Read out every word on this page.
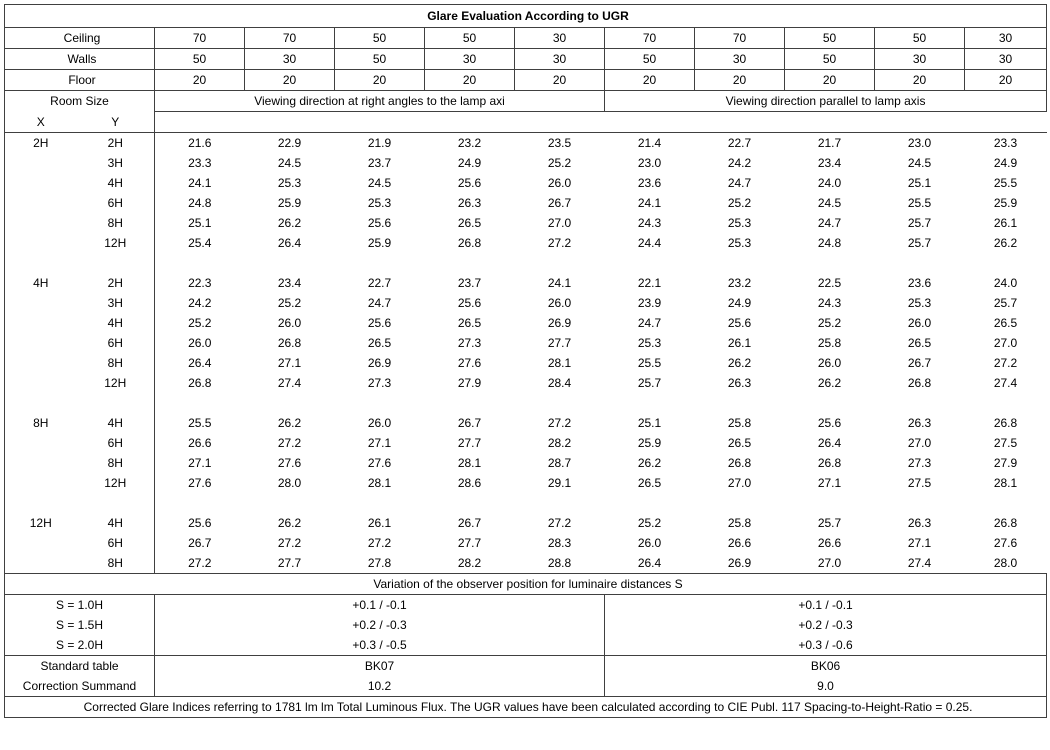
Glare Evaluation According to UGR											
Ceiling		70	70	50	50	30	70	70	50	50	30
Walls		50	30	50	30	30	50	30	50	30	30
Floor		20	20	20	20	20	20	20	20	20	20
Room Size		Viewing direction at right angles to the lamp axi					Viewing direction parallel to lamp axis				
X	Y										
2H	2H	21.6	22.9	21.9	23.2	23.5	21.4	22.7	21.7	23.0	23.3
	3H	23.3	24.5	23.7	24.9	25.2	23.0	24.2	23.4	24.5	24.9
	4H	24.1	25.3	24.5	25.6	26.0	23.6	24.7	24.0	25.1	25.5
	6H	24.8	25.9	25.3	26.3	26.7	24.1	25.2	24.5	25.5	25.9
	8H	25.1	26.2	25.6	26.5	27.0	24.3	25.3	24.7	25.7	26.1
	12H	25.4	26.4	25.9	26.8	27.2	24.4	25.3	24.8	25.7	26.2

4H	2H	22.3	23.4	22.7	23.7	24.1	22.1	23.2	22.5	23.6	24.0
	3H	24.2	25.2	24.7	25.6	26.0	23.9	24.9	24.3	25.3	25.7
	4H	25.2	26.0	25.6	26.5	26.9	24.7	25.6	25.2	26.0	26.5
	6H	26.0	26.8	26.5	27.3	27.7	25.3	26.1	25.8	26.5	27.0
	8H	26.4	27.1	26.9	27.6	28.1	25.5	26.2	26.0	26.7	27.2
	12H	26.8	27.4	27.3	27.9	28.4	25.7	26.3	26.2	26.8	27.4

8H	4H	25.5	26.2	26.0	26.7	27.2	25.1	25.8	25.6	26.3	26.8
	6H	26.6	27.2	27.1	27.7	28.2	25.9	26.5	26.4	27.0	27.5
	8H	27.1	27.6	27.6	28.1	28.7	26.2	26.8	26.8	27.3	27.9
	12H	27.6	28.0	28.1	28.6	29.1	26.5	27.0	27.1	27.5	28.1

12H	4H	25.6	26.2	26.1	26.7	27.2	25.2	25.8	25.7	26.3	26.8
	6H	26.7	27.2	27.2	27.7	28.3	26.0	26.6	26.6	27.1	27.6
	8H	27.2	27.7	27.8	28.2	28.8	26.4	26.9	27.0	27.4	28.0
Variation of the observer position for luminaire distances S											
S = 1.0H		+0.1 / -0.1					+0.1 / -0.1				
S = 1.5H		+0.2 / -0.3					+0.2 / -0.3				
S = 2.0H		+0.3 / -0.5					+0.3 / -0.6				
Standard table		BK07					BK06				
Correction Summand		10.2					9.0				
Corrected Glare Indices referring to 1781 lm lm Total Luminous Flux. The UGR values have been calculated according to CIE Publ. 117 Spacing-to-Height-Ratio = 0.25.											
